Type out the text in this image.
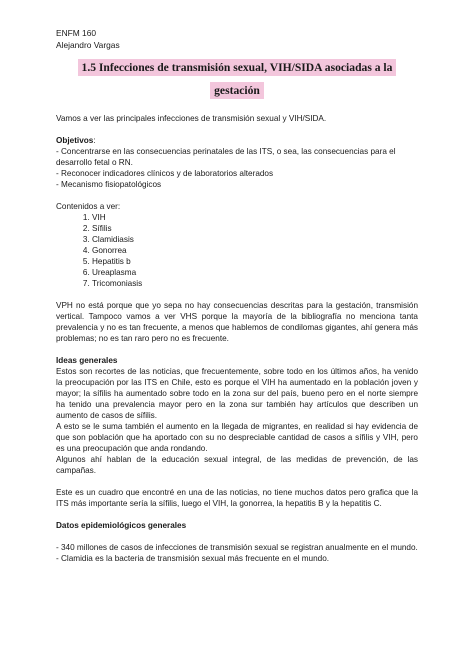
ENFM 160
Alejandro Vargas
1.5 Infecciones de transmisión sexual, VIH/SIDA asociadas a la gestación

Vamos a ver las principales infecciones de transmisión sexual y VIH/SIDA.

Objetivos:

- Concentrarse en las consecuencias perinatales de las ITS, o sea, las consecuencias para el desarrollo fetal o RN.

- Reconocer indicadores clínicos y de laboratorios alterados

- Mecanismo fisiopatológicos

Contenidos a ver:

1. VIH
2. Sífilis
3. Clamidiasis
4. Gonorrea
5. Hepatitis b
6. Ureaplasma
7. Tricomoniasis

VPH no está porque que yo sepa no hay consecuencias descritas para la gestación, transmisión vertical. Tampoco vamos a ver VHS porque la mayoría de la bibliografía no menciona tanta prevalencia y no es tan frecuente, a menos que hablemos de condilomas gigantes, ahí genera más problemas; no es tan raro pero no es frecuente.

Ideas generales

Estos son recortes de las noticias, que frecuentemente, sobre todo en los últimos años, ha venido la preocupación por las ITS en Chile, esto es porque el VIH ha aumentado en la población joven y mayor; la sífilis ha aumentado sobre todo en la zona sur del país, bueno pero en el norte siempre ha tenido una prevalencia mayor pero en la zona sur también hay artículos que describen un aumento de casos de sífilis.

A esto se le suma también el aumento en la llegada de migrantes, en realidad si hay evidencia de que son población que ha aportado con su no despreciable cantidad de casos a sífilis y VIH, pero es una preocupación que anda rondando.

Algunos ahí hablan de la educación sexual integral, de las medidas de prevención, de las campañas.

Este es un cuadro que encontré en una de las noticias, no tiene muchos datos pero grafica que la ITS más importante sería la sífilis, luego el VIH, la gonorrea, la hepatitis B y la hepatitis C.

Datos epidemiológicos generales

- 340 millones de casos de infecciones de transmisión sexual se registran anualmente en el mundo.

- Clamidia es la bacteria de transmisión sexual más frecuente en el mundo.
